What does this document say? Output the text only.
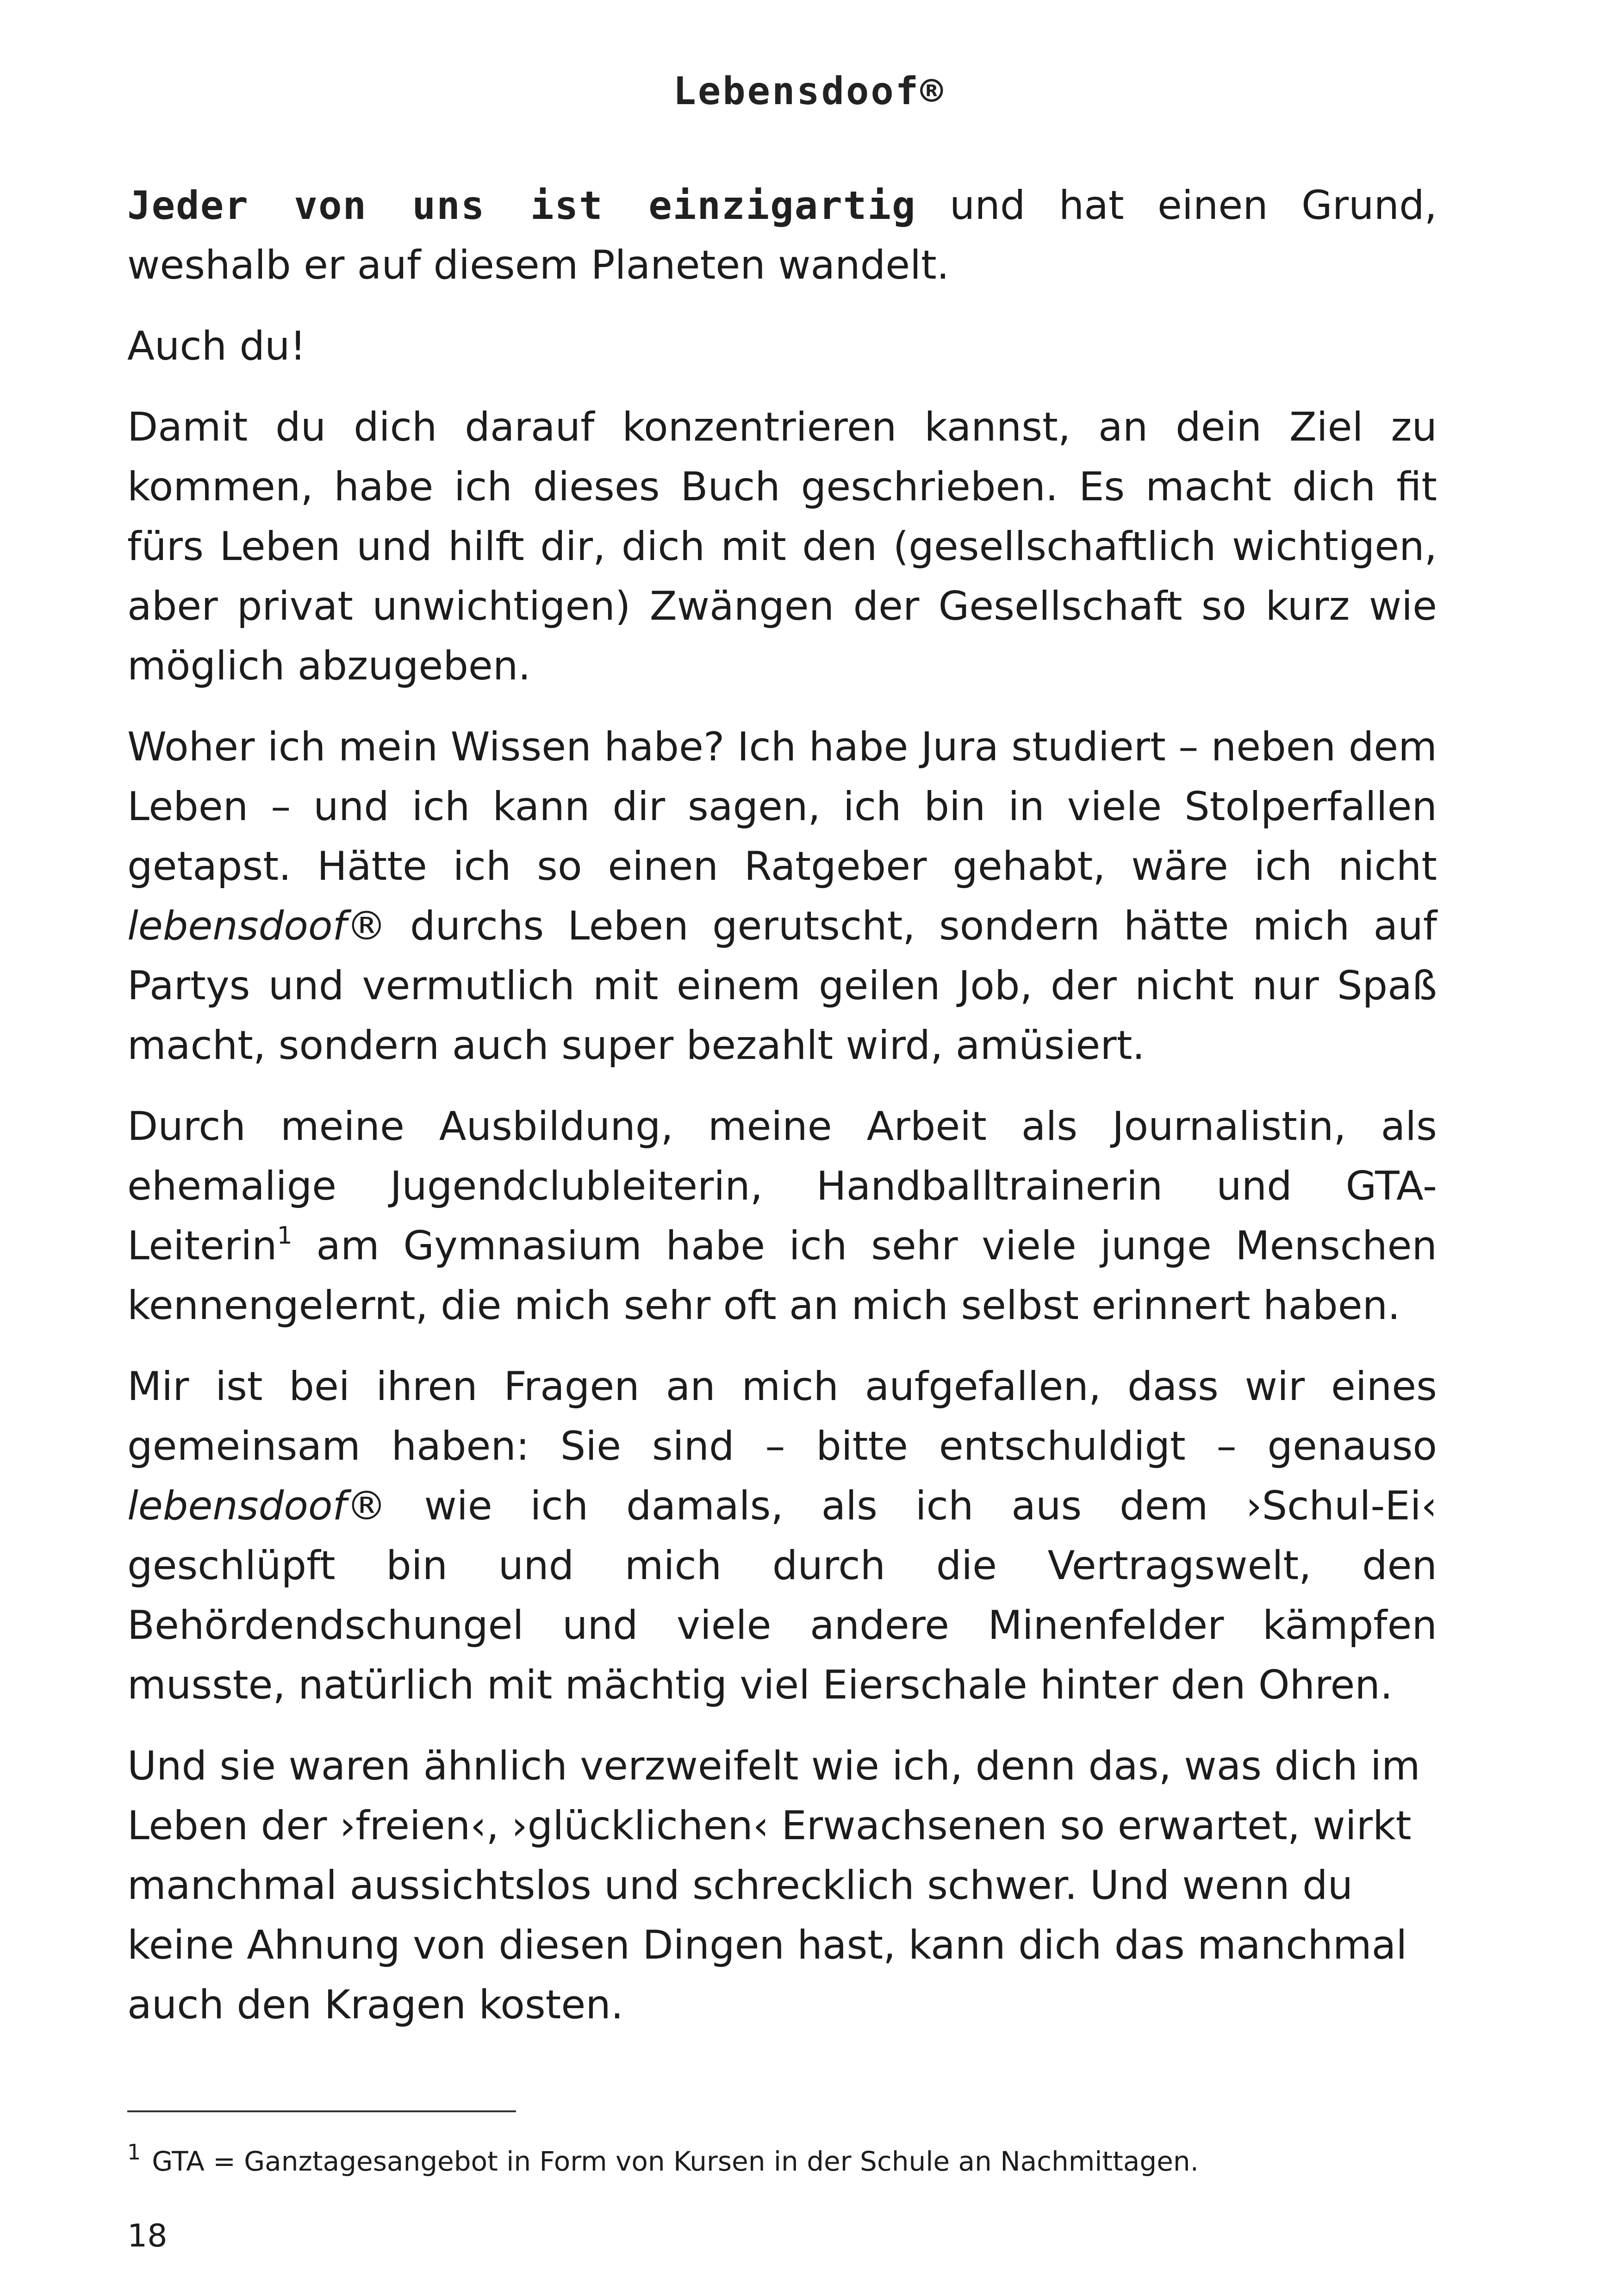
Lebensdoof®

Jeder von uns ist einzigartig und hat einen Grund, weshalb er auf diesem Planeten wandelt.

Auch du!

Damit du dich darauf konzentrieren kannst, an dein Ziel zu kommen, habe ich dieses Buch geschrieben. Es macht dich fit fürs Leben und hilft dir, dich mit den (gesellschaftlich wichtigen, aber privat unwichtigen) Zwängen der Gesellschaft so kurz wie möglich abzugeben.

Woher ich mein Wissen habe? Ich habe Jura studiert – neben dem Leben – und ich kann dir sagen, ich bin in viele Stolperfallen getapst. Hätte ich so einen Ratgeber gehabt, wäre ich nicht lebensdoof® durchs Leben gerutscht, sondern hätte mich auf Partys und vermutlich mit einem geilen Job, der nicht nur Spaß macht, sondern auch super bezahlt wird, amüsiert.

Durch meine Ausbildung, meine Arbeit als Journalistin, als ehemalige Jugendclubleiterin, Handballtrainerin und GTA-Leiterin$^1$ am Gymnasium habe ich sehr viele junge Menschen kennengelernt, die mich sehr oft an mich selbst erinnert haben.

Mir ist bei ihren Fragen an mich aufgefallen, dass wir eines gemeinsam haben: Sie sind – bitte entschuldigt – genauso lebensdoof® wie ich damals, als ich aus dem ›Schul-Ei‹ geschlüpft bin und mich durch die Vertragswelt, den Behördendschungel und viele andere Minenfelder kämpfen musste, natürlich mit mächtig viel Eierschale hinter den Ohren.

Und sie waren ähnlich verzweifelt wie ich, denn das, was dich im Leben der ›freien‹, ›glücklichen‹ Erwachsenen so erwartet, wirkt manchmal aussichtslos und schrecklich schwer. Und wenn du keine Ahnung von diesen Dingen hast, kann dich das manchmal auch den Kragen kosten.

$^1$ GTA = Ganztagesangebot in Form von Kursen in der Schule an Nachmittagen.
18
